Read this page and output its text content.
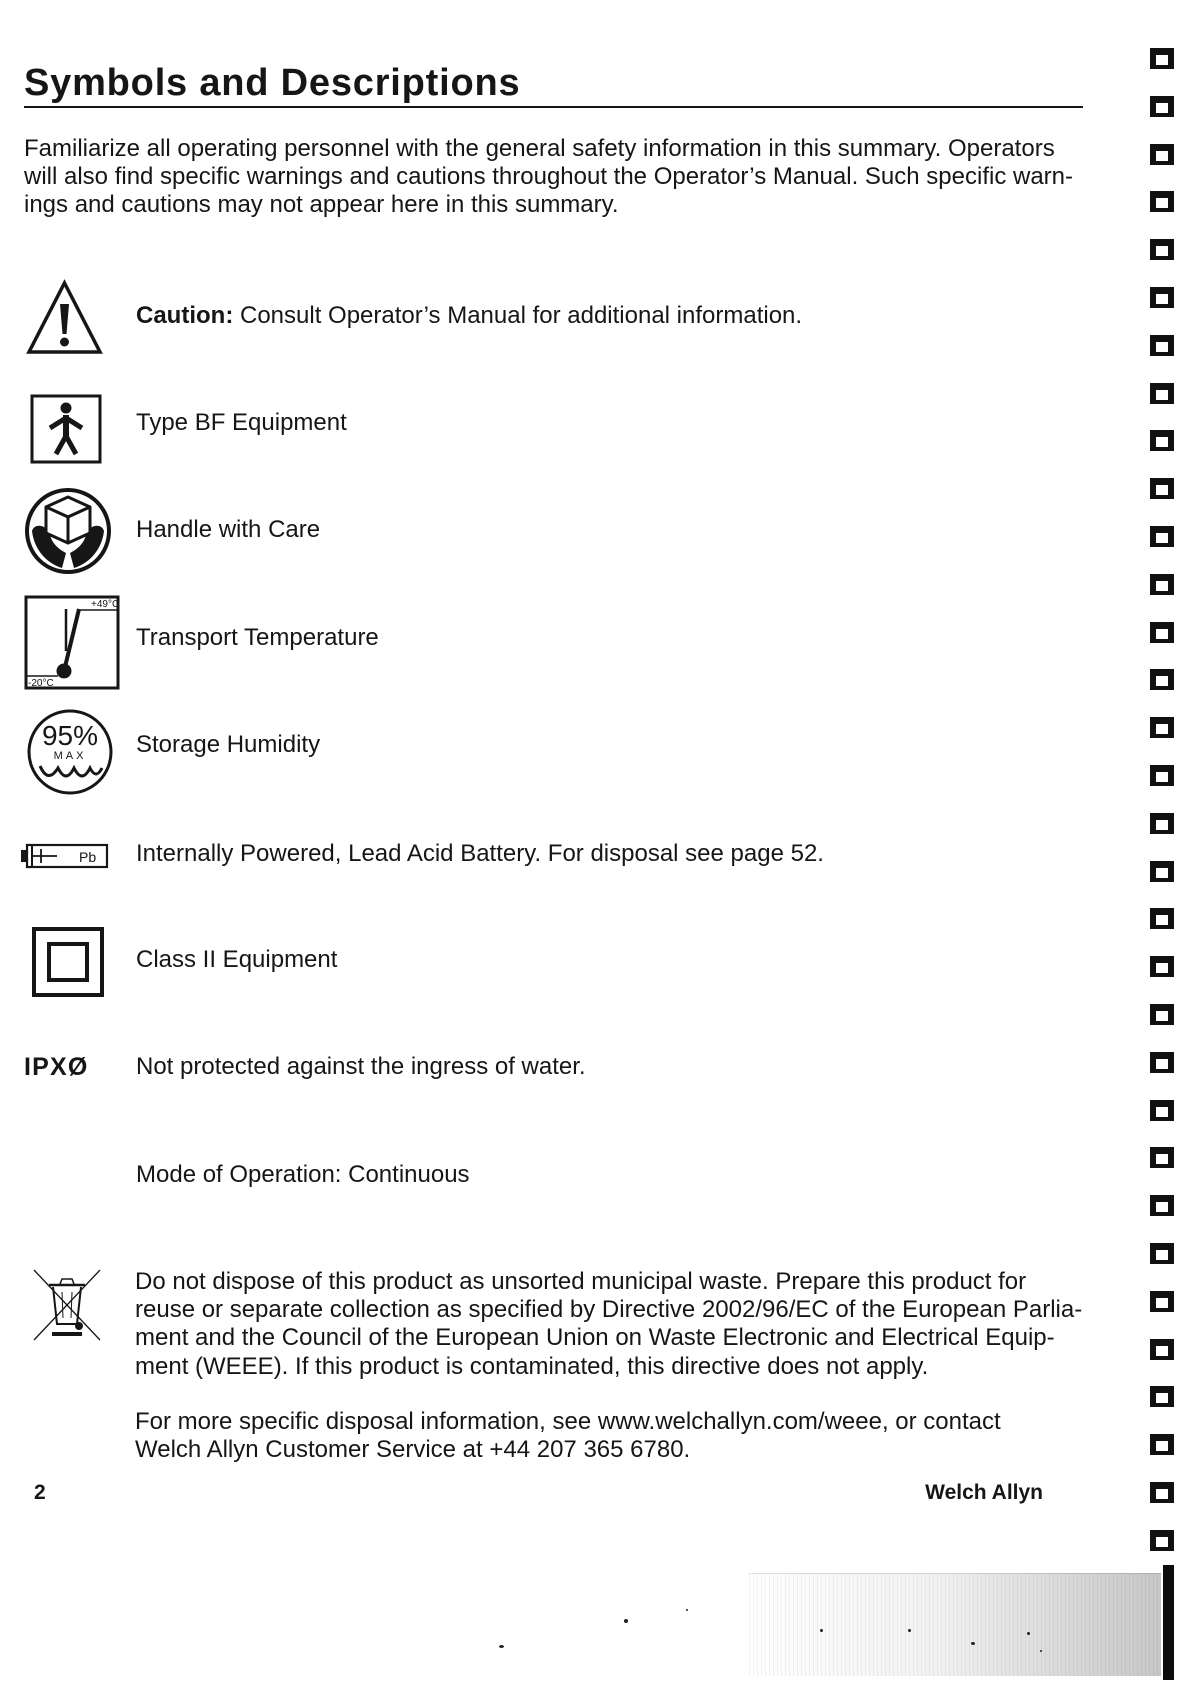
Symbols and Descriptions
Familiarize all operating personnel with the general safety information in this summary. Operators
will also find specific warnings and cautions throughout the Operator’s Manual. Such specific warn-
ings and cautions may not appear here in this summary.
Caution: Consult Operator’s Manual for additional information.
Type BF Equipment
Handle with Care
+49°C
-20°C
Transport Temperature
95%
MAX Storage Humidity
Pb Internally Powered, Lead Acid Battery. For disposal see page 52.
Class II Equipment
IPXØ Not protected against the ingress of water.
Mode of Operation: Continuous
Do not dispose of this product as unsorted municipal waste. Prepare this product for
reuse or separate collection as specified by Directive 2002/96/EC of the European Parlia-
ment and the Council of the European Union on Waste Electronic and Electrical Equip-
ment (WEEE). If this product is contaminated, this directive does not apply.
For more specific disposal information, see www.welchallyn.com/weee, or contact
Welch Allyn Customer Service at +44 207 365 6780.
2	Welch Allyn
